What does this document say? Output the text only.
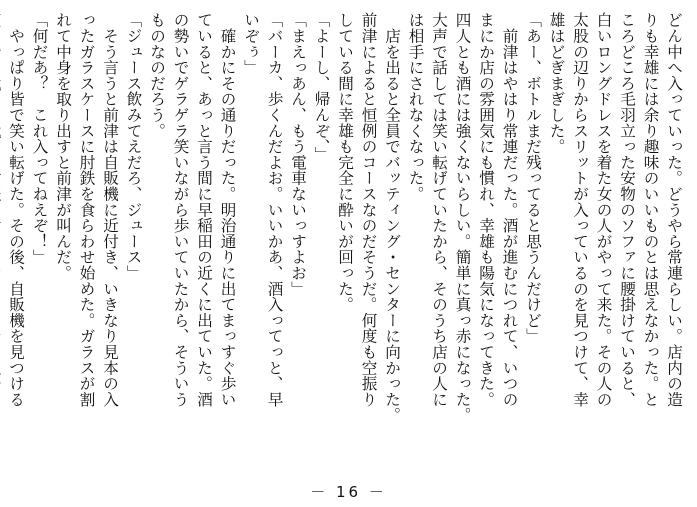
どん中へ入っていった。どうやら常連らしい。店内の造
りも幸雄には余り趣味のいいものとは思えなかった。と
ころどころ毛羽立った安物のソファに腰掛けていると、
白いロングドレスを着た女の人がやって来た。その人の
太股の辺りからスリットが入っているのを見つけて、幸
雄はどぎまぎした。
「あー、ボトルまだ残ってると思うんだけど」
　前津はやはり常連だった。酒が進むにつれて、いつの
まにか店の雰囲気にも慣れ、幸雄も陽気になってきた。
四人とも酒には強くないらしい。簡単に真っ赤になった。
大声で話しては笑い転げていたから、そのうち店の人に
は相手にされなくなった。
　店を出ると全員でバッティング・センターに向かった。
前津によると恒例のコースなのだそうだ。何度も空振り
している間に幸雄も完全に酔いが回った。
「よーし、帰んぞ、」
「まえっあん、もう電車ないっすよお」
「バーカ、歩くんだよお。いいかあ、酒入ってっと、早
いぞぅ」
　確かにその通りだった。明治通りに出てまっすぐ歩い
ていると、あっと言う間に早稲田の近くに出ていた。酒
の勢いでゲラゲラ笑いながら歩いていたから、そういう
ものなのだろう。
「ジュース飲みてえだろ、ジュース」
　そう言うと前津は自販機に近付き、いきなり見本の入
ったガラスケースに肘鉄を食らわせ始めた。ガラスが割
れて中身を取り出すと前津が叫んだ。
「何だあ？　これ入ってねえぞ！」
　やっぱり皆で笑い転げた。その後、自販機を見つける
－ 16 －
